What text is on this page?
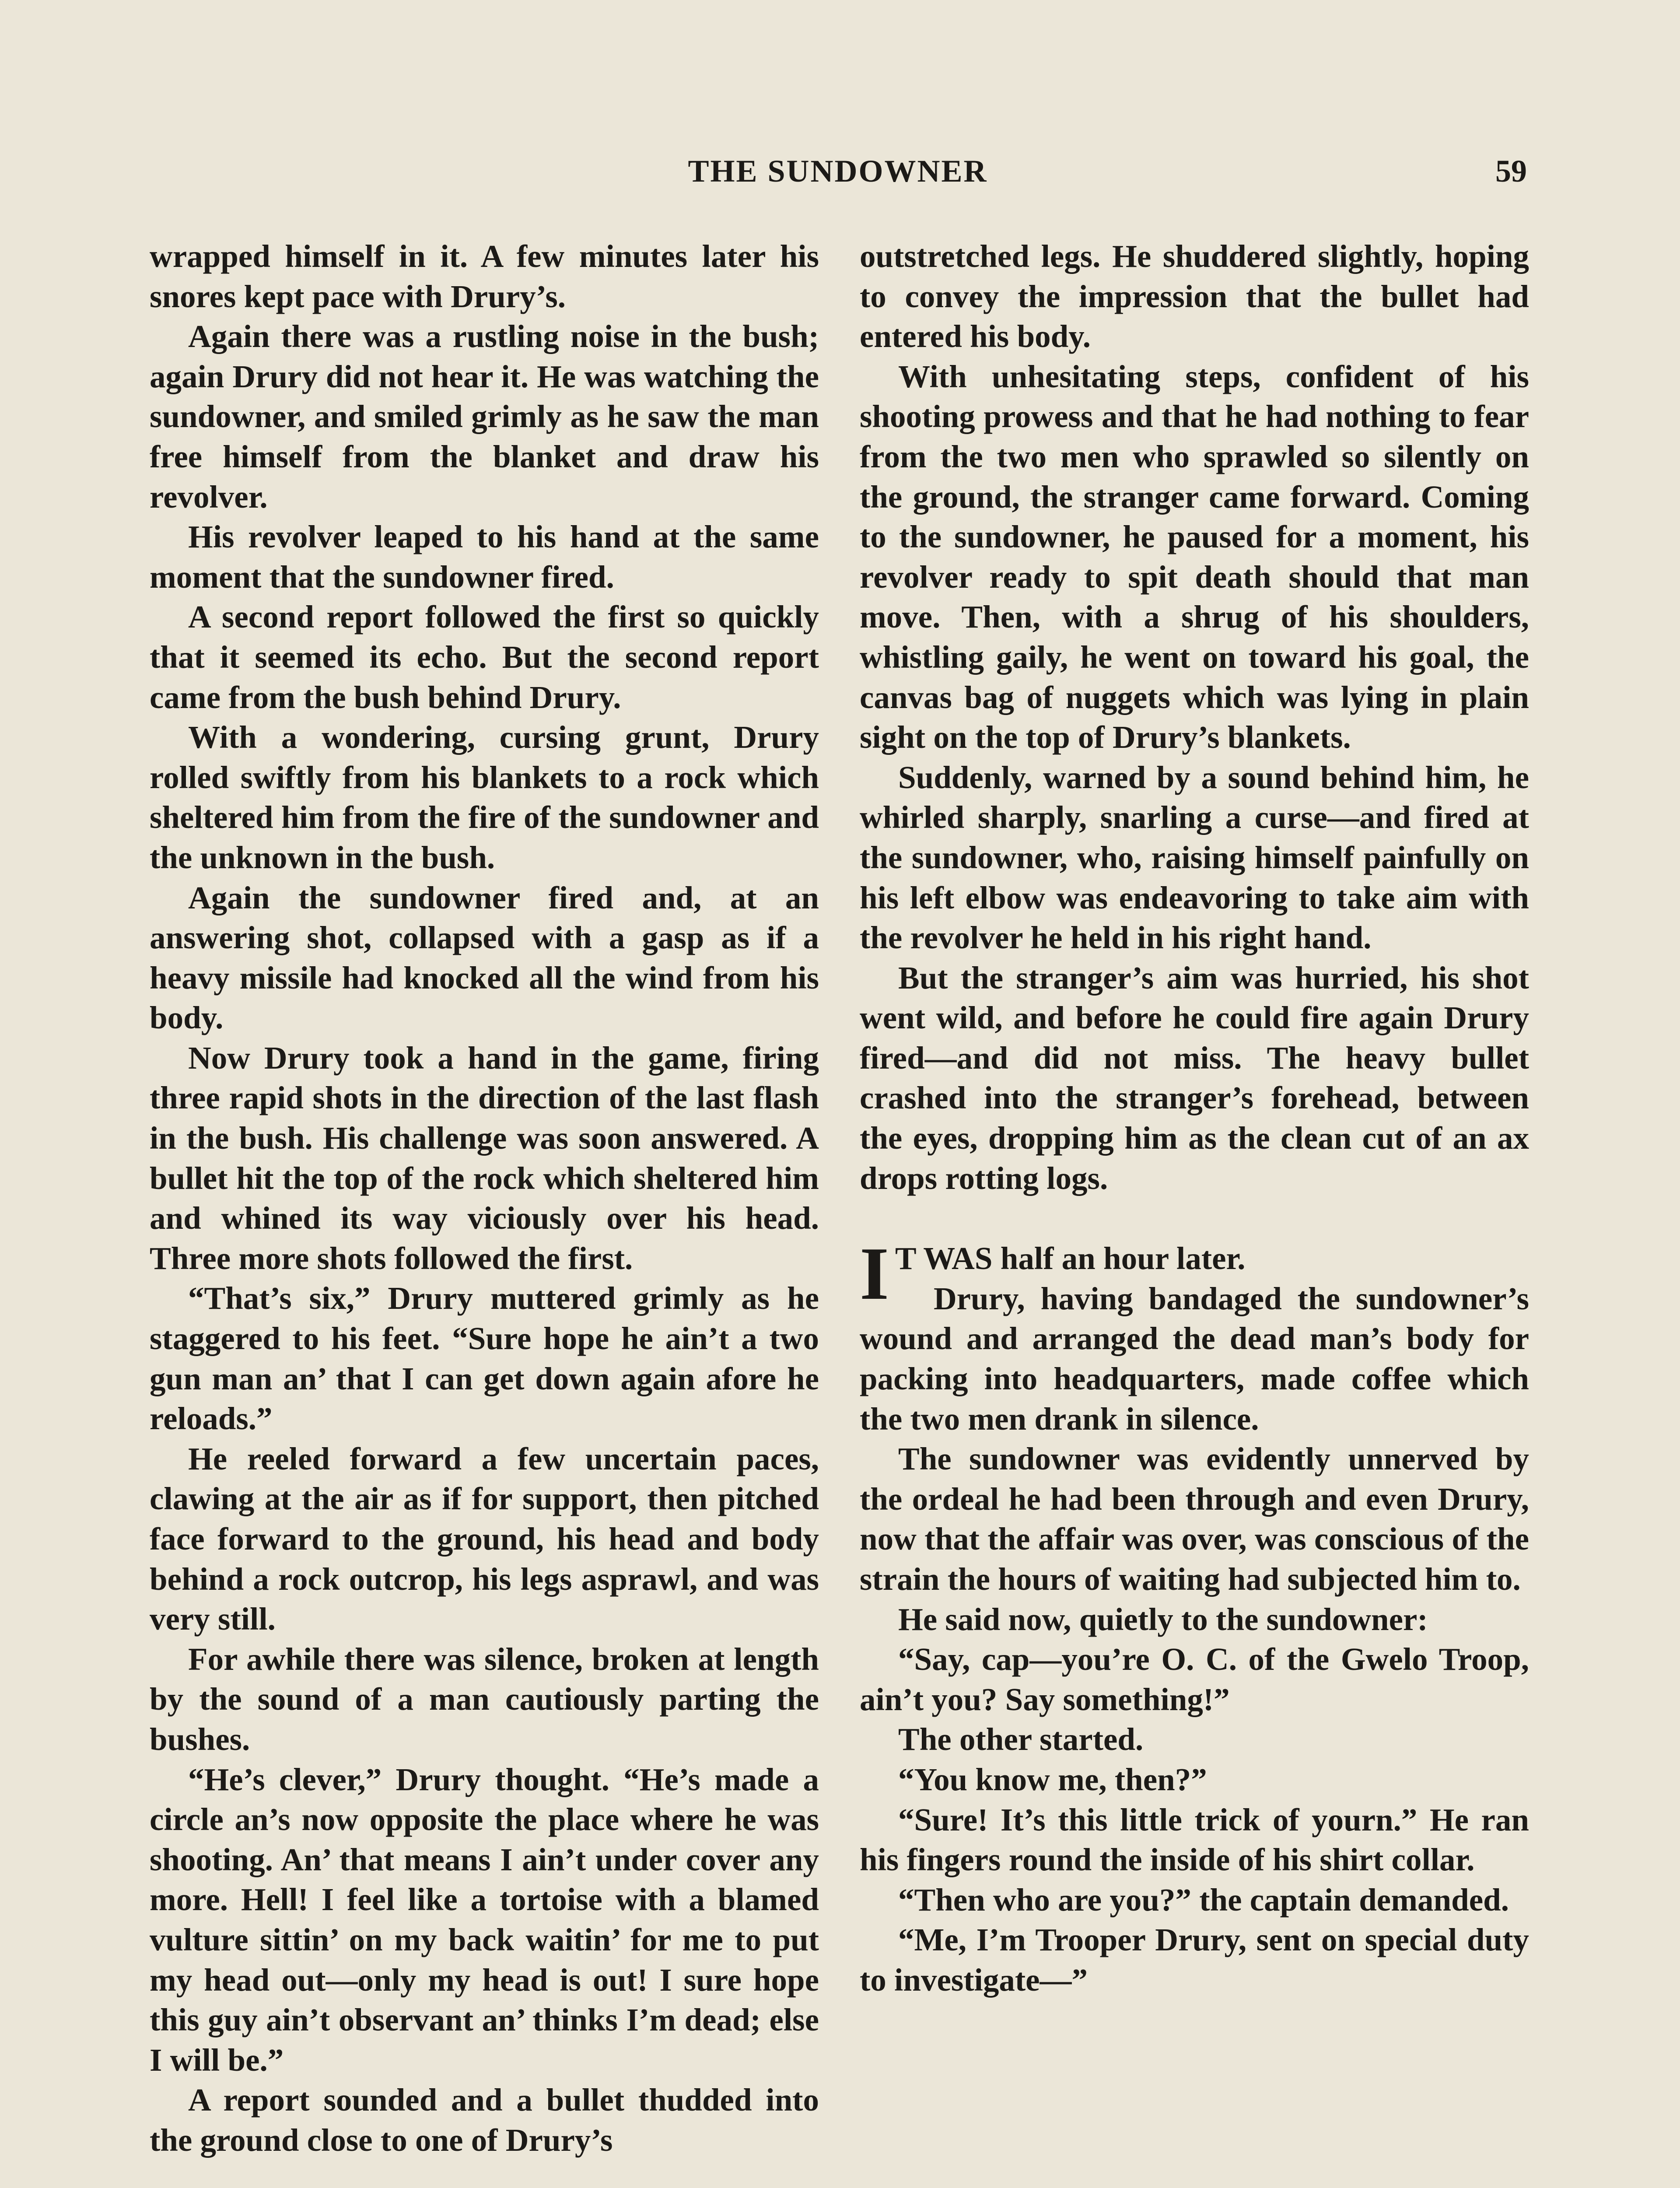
THE SUNDOWNER	59

wrapped himself in it. A few minutes later his snores kept pace with Drury’s.

Again there was a rustling noise in the bush; again Drury did not hear it. He was watching the sundowner, and smiled grimly as he saw the man free himself from the blanket and draw his revolver.

His revolver leaped to his hand at the same moment that the sundowner fired.

A second report followed the first so quickly that it seemed its echo. But the second report came from the bush behind Drury.

With a wondering, cursing grunt, Drury rolled swiftly from his blankets to a rock which sheltered him from the fire of the sundowner and the unknown in the bush.

Again the sundowner fired and, at an answering shot, collapsed with a gasp as if a heavy missile had knocked all the wind from his body.

Now Drury took a hand in the game, firing three rapid shots in the direction of the last flash in the bush. His challenge was soon answered. A bullet hit the top of the rock which sheltered him and whined its way viciously over his head. Three more shots followed the first.

“That’s six,” Drury muttered grimly as he staggered to his feet. “Sure hope he ain’t a two gun man an’ that I can get down again afore he reloads.”

He reeled forward a few uncertain paces, clawing at the air as if for support, then pitched face forward to the ground, his head and body behind a rock outcrop, his legs asprawl, and was very still.

For awhile there was silence, broken at length by the sound of a man cautiously parting the bushes.

“He’s clever,” Drury thought. “He’s made a circle an’s now opposite the place where he was shooting. An’ that means I ain’t under cover any more. Hell! I feel like a tortoise with a blamed vulture sittin’ on my back waitin’ for me to put my head out—only my head is out! I sure hope this guy ain’t observant an’ thinks I’m dead; else I will be.”

A report sounded and a bullet thudded into the ground close to one of Drury’s

outstretched legs. He shuddered slightly, hoping to convey the impression that the bullet had entered his body.

With unhesitating steps, confident of his shooting prowess and that he had nothing to fear from the two men who sprawled so silently on the ground, the stranger came forward. Coming to the sundowner, he paused for a moment, his revolver ready to spit death should that man move. Then, with a shrug of his shoulders, whistling gaily, he went on toward his goal, the canvas bag of nuggets which was lying in plain sight on the top of Drury’s blankets.

Suddenly, warned by a sound behind him, he whirled sharply, snarling a curse—and fired at the sundowner, who, raising himself painfully on his left elbow was endeavoring to take aim with the revolver he held in his right hand.

But the stranger’s aim was hurried, his shot went wild, and before he could fire again Drury fired—and did not miss. The heavy bullet crashed into the stranger’s forehead, between the eyes, dropping him as the clean cut of an ax drops rotting logs.

I T WAS half an hour later.

Drury, having bandaged the sundowner’s wound and arranged the dead man’s body for packing into headquarters, made coffee which the two men drank in silence.

The sundowner was evidently unnerved by the ordeal he had been through and even Drury, now that the affair was over, was conscious of the strain the hours of waiting had subjected him to.

He said now, quietly to the sundowner:

“Say, cap—you’re O. C. of the Gwelo Troop, ain’t you? Say something!”

The other started.

“You know me, then?”

“Sure! It’s this little trick of yourn.” He ran his fingers round the inside of his shirt collar.

“Then who are you?” the captain demanded.

“Me, I’m Trooper Drury, sent on special duty to investigate—”
